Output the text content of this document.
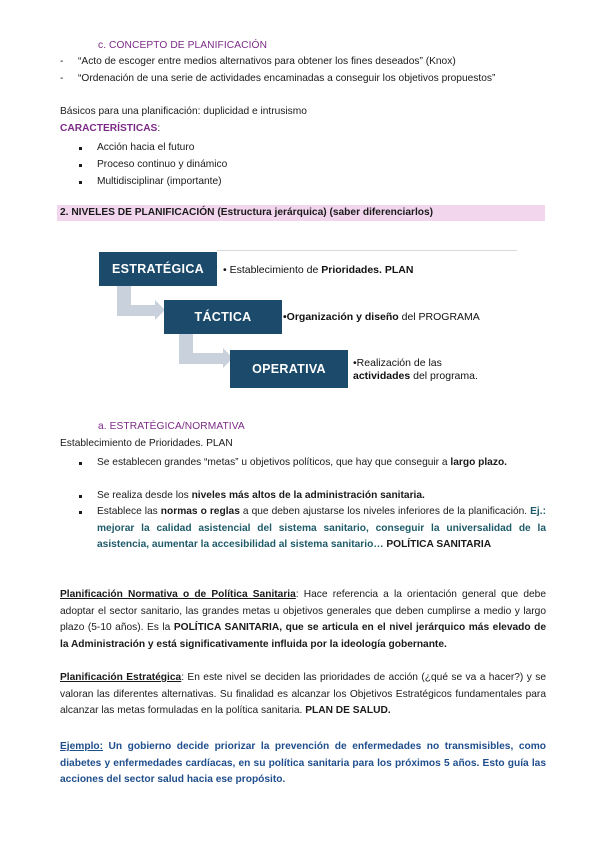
c. CONCEPTO DE PLANIFICACIÓN
- “Acto de escoger entre medios alternativos para obtener los fines deseados” (Knox)
- “Ordenación de una serie de actividades encaminadas a conseguir los objetivos propuestos”
Básicos para una planificación: duplicidad e intrusismo
CARACTERÍSTICAS:
Acción hacia el futuro
Proceso continuo y dinámico
Multidisciplinar (importante)
2. NIVELES DE PLANIFICACIÓN (Estructura jerárquica) (saber diferenciarlos)
ESTRATÉGICA
TÁCTICA
OPERATIVA
• Establecimiento de Prioridades. PLAN
•Organización y diseño del PROGRAMA
•Realización de las
actividades del programa.
a. ESTRATÉGICA/NORMATIVA
Establecimiento de Prioridades. PLAN
Se establecen grandes “metas” u objetivos políticos, que hay que conseguir a largo plazo.
Se realiza desde los niveles más altos de la administración sanitaria.
Establece las normas o reglas a que deben ajustarse los niveles inferiores de la planificación. Ej.: mejorar la calidad asistencial del sistema sanitario, conseguir la universalidad de la asistencia, aumentar la accesibilidad al sistema sanitario… POLÍTICA SANITARIA
Planificación Normativa o de Política Sanitaria: Hace referencia a la orientación general que debe adoptar el sector sanitario, las grandes metas u objetivos generales que deben cumplirse a medio y largo plazo (5-10 años). Es la POLÍTICA SANITARIA, que se articula en el nivel jerárquico más elevado de la Administración y está significativamente influida por la ideología gobernante.
Planificación Estratégica: En este nivel se deciden las prioridades de acción (¿qué se va a hacer?) y se valoran las diferentes alternativas. Su finalidad es alcanzar los Objetivos Estratégicos fundamentales para alcanzar las metas formuladas en la política sanitaria. PLAN DE SALUD.
Ejemplo: Un gobierno decide priorizar la prevención de enfermedades no transmisibles, como diabetes y enfermedades cardíacas, en su política sanitaria para los próximos 5 años. Esto guía las acciones del sector salud hacia ese propósito.
